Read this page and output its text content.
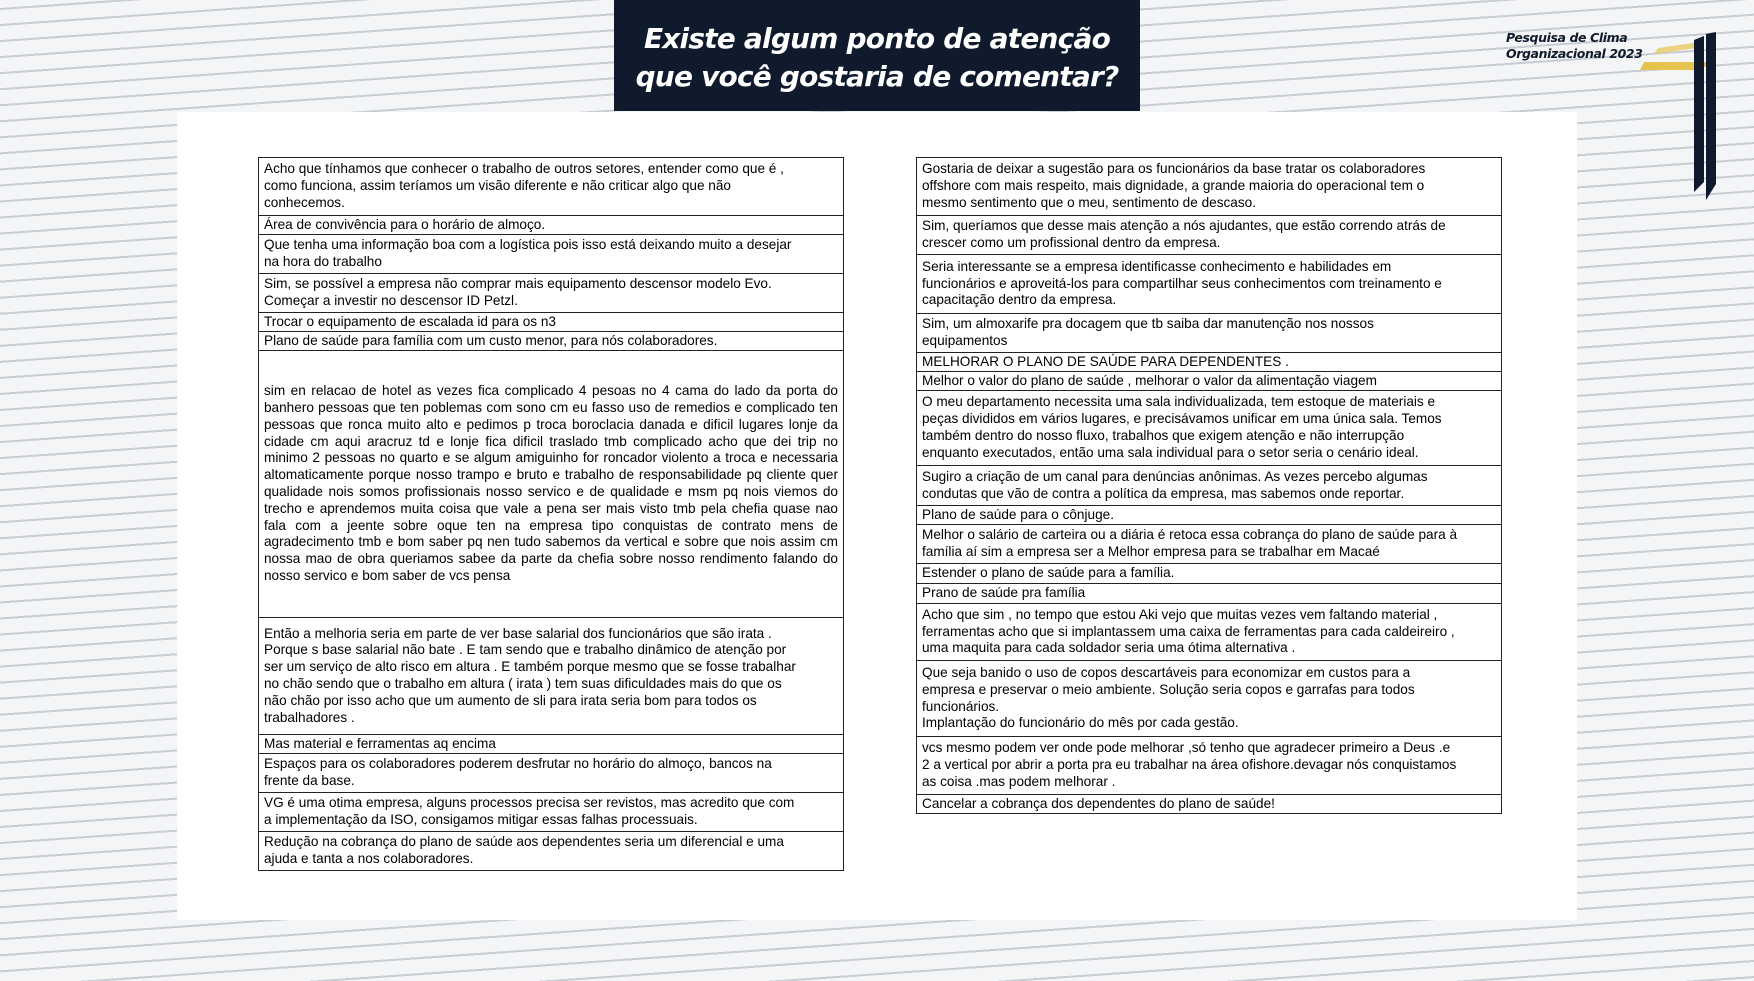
Existe algum ponto de atenção
que você gostaria de comentar?
Pesquisa de Clima
Organizacional 2023
Acho que tínhamos que conhecer o trabalho de outros setores, entender como que é ,
como funciona, assim teríamos um visão diferente e não criticar algo que não
conhecemos.
Área de convivência para o horário de almoço.
Que tenha uma informação boa com a logística pois isso está deixando muito a desejar
na hora do trabalho
Sim, se possível a empresa não comprar mais equipamento descensor modelo Evo.
Começar a investir no descensor ID Petzl.
Trocar o equipamento de escalada id para os n3
Plano de saúde para família com um custo menor, para nós colaboradores.
sim en relacao de hotel as vezes fica complicado 4 pesoas no 4 cama do lado da porta do banhero pessoas que ten poblemas com sono cm eu fasso uso de remedios e complicado ten pessoas que ronca muito alto e pedimos p troca boroclacia danada e dificil lugares lonje da cidade cm aqui aracruz td e lonje fica dificil traslado tmb complicado acho que dei trip no minimo 2 pessoas no quarto e se algum amiguinho for roncador violento a troca e necessaria altomaticamente porque nosso trampo e bruto e trabalho de responsabilidade pq cliente quer qualidade nois somos profissionais nosso servico e de qualidade e msm pq nois viemos do trecho e aprendemos muita coisa que vale a pena ser mais visto tmb pela chefia quase nao fala com a jeente sobre oque ten na empresa tipo conquistas de contrato mens de agradecimento tmb e bom saber pq nen tudo sabemos da vertical e sobre que nois assim cm nossa mao de obra queriamos sabee da parte da chefia sobre nosso rendimento falando do nosso servico e bom saber de vcs pensa
Então a melhoria seria em parte de ver base salarial dos funcionários que são irata .
Porque s base salarial não bate . E tam sendo que e trabalho dinâmico de atenção por
ser um serviço de alto risco em altura . E também porque mesmo que se fosse trabalhar
no chão sendo que o trabalho em altura ( irata ) tem suas dificuldades mais do que os
não chão por isso acho que um aumento de sli para irata seria bom para todos os
trabalhadores .
Mas material e ferramentas aq encima
Espaços para os colaboradores poderem desfrutar no horário do almoço, bancos na
frente da base.
VG é uma otima empresa, alguns processos precisa ser revistos, mas acredito que com
a implementação da ISO, consigamos mitigar essas falhas processuais.
Redução na cobrança do plano de saúde aos dependentes seria um diferencial e uma
ajuda e tanta a nos colaboradores.
Gostaria de deixar a sugestão para os funcionários da base tratar os colaboradores
offshore com mais respeito, mais dignidade, a grande maioria do operacional tem o
mesmo sentimento que o meu, sentimento de descaso.
Sim, queríamos que desse mais atenção a nós ajudantes, que estão correndo atrás de
crescer como um profissional dentro da empresa.
Seria interessante se a empresa identificasse conhecimento e habilidades em
funcionários e aproveitá-los para compartilhar seus conhecimentos com treinamento e
capacitação dentro da empresa.
Sim, um almoxarife pra docagem que tb saiba dar manutenção nos nossos
equipamentos
MELHORAR O PLANO DE SAÚDE PARA DEPENDENTES .
Melhor o valor do plano de saúde , melhorar o valor da alimentação viagem
O meu departamento necessita uma sala individualizada, tem estoque de materiais e
peças divididos em vários lugares, e precisávamos unificar em uma única sala. Temos
também dentro do nosso fluxo, trabalhos que exigem atenção e não interrupção
enquanto executados, então uma sala individual para o setor seria o cenário ideal.
Sugiro a criação de um canal para denúncias anônimas. As vezes percebo algumas
condutas que vão de contra a política da empresa, mas sabemos onde reportar.
Plano de saúde para o cônjuge.
Melhor o salário de carteira ou a diária é retoca essa cobrança do plano de saúde para à
família aí sim a empresa ser a Melhor empresa para se trabalhar em Macaé
Estender o plano de saúde para a família.
Prano de saúde pra família
Acho que sim , no tempo que estou Aki vejo que muitas vezes vem faltando material ,
ferramentas acho que si implantassem uma caixa de ferramentas para cada caldeireiro ,
uma maquita para cada soldador seria uma ótima alternativa .
Que seja banido o uso de copos descartáveis para economizar em custos para a
empresa e preservar o meio ambiente. Solução seria copos e garrafas para todos
funcionários.
Implantação do funcionário do mês por cada gestão.
vcs mesmo podem ver onde pode melhorar ,só tenho que agradecer primeiro a Deus .e
2 a vertical por abrir a porta pra eu trabalhar na área ofishore.devagar nós conquistamos
as coisa .mas podem melhorar .
Cancelar a cobrança dos dependentes do plano de saúde!
